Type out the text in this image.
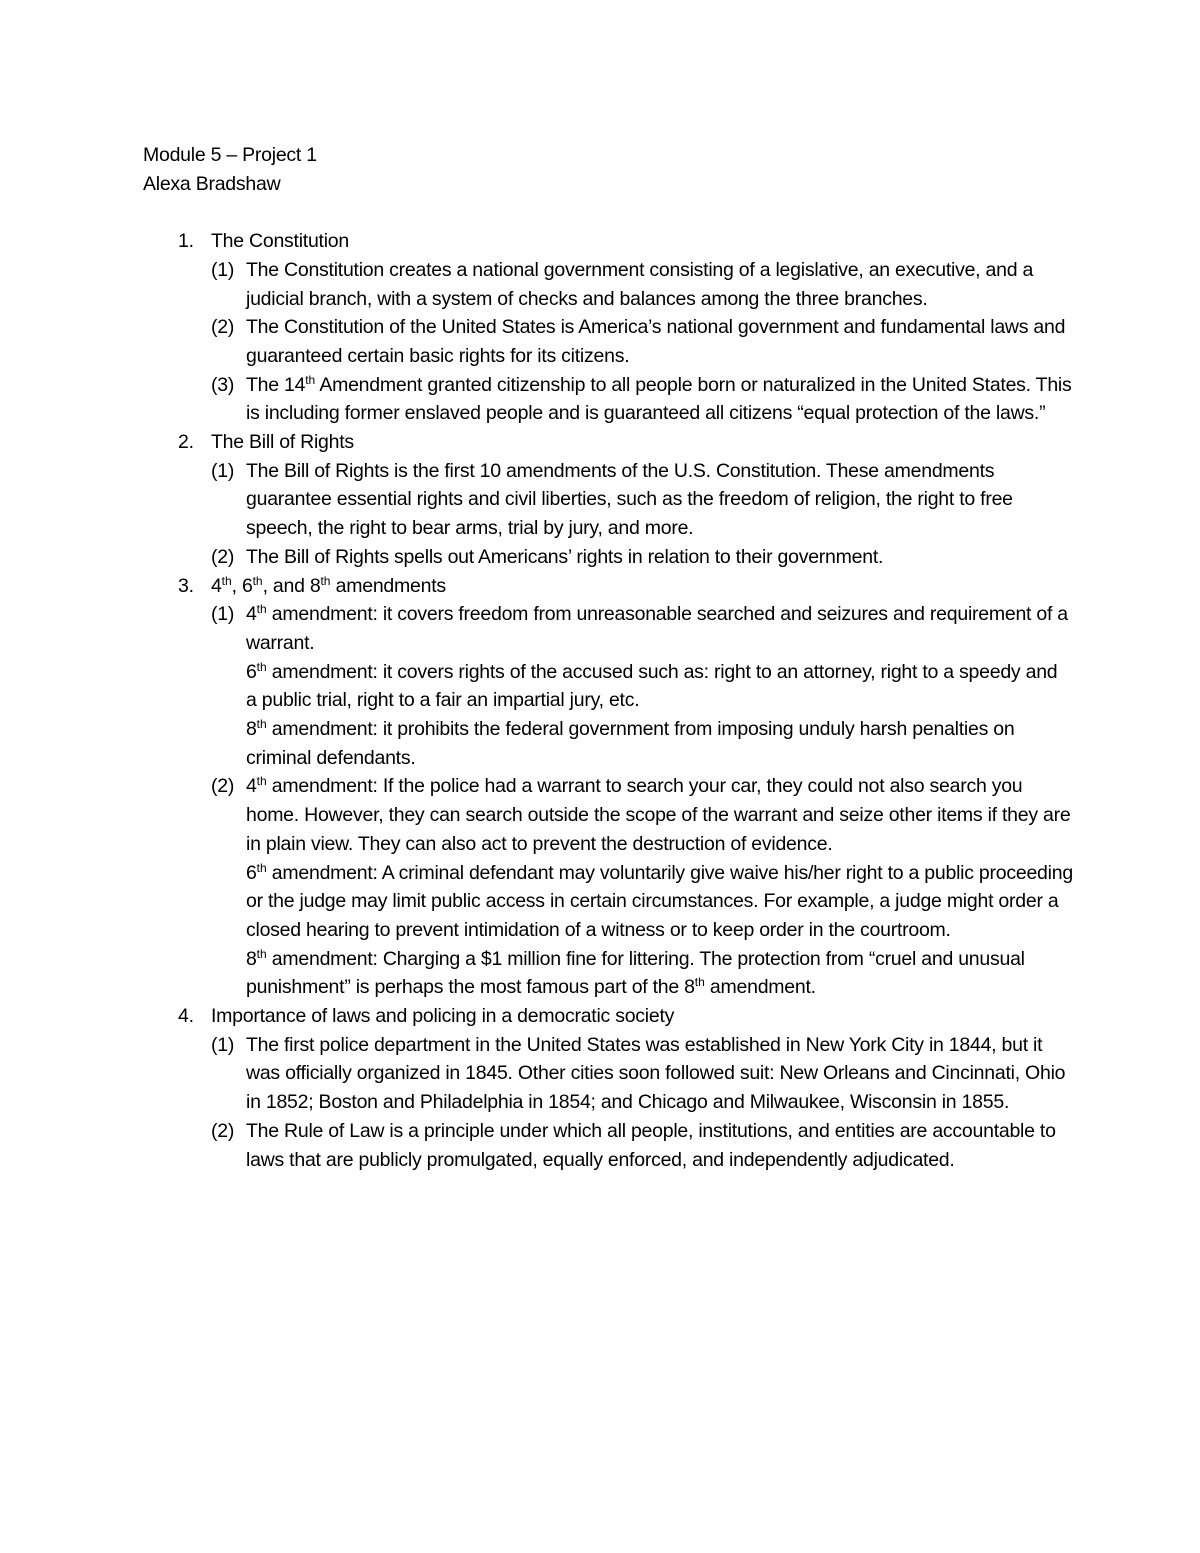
Module 5 – Project 1
Alexa Bradshaw
1. The Constitution
(1) The Constitution creates a national government consisting of a legislative, an executive, and a judicial branch, with a system of checks and balances among the three branches.
(2) The Constitution of the United States is America’s national government and fundamental laws and guaranteed certain basic rights for its citizens.
(3) The 14th Amendment granted citizenship to all people born or naturalized in the United States. This is including former enslaved people and is guaranteed all citizens “equal protection of the laws.”
2. The Bill of Rights
(1) The Bill of Rights is the first 10 amendments of the U.S. Constitution. These amendments guarantee essential rights and civil liberties, such as the freedom of religion, the right to free speech, the right to bear arms, trial by jury, and more.
(2) The Bill of Rights spells out Americans’ rights in relation to their government.
3. 4th, 6th, and 8th amendments
(1) 4th amendment: it covers freedom from unreasonable searched and seizures and requirement of a warrant.
6th amendment: it covers rights of the accused such as: right to an attorney, right to a speedy and a public trial, right to a fair an impartial jury, etc.
8th amendment: it prohibits the federal government from imposing unduly harsh penalties on criminal defendants.
(2) 4th amendment: If the police had a warrant to search your car, they could not also search you home. However, they can search outside the scope of the warrant and seize other items if they are in plain view. They can also act to prevent the destruction of evidence.
6th amendment: A criminal defendant may voluntarily give waive his/her right to a public proceeding or the judge may limit public access in certain circumstances. For example, a judge might order a closed hearing to prevent intimidation of a witness or to keep order in the courtroom.
8th amendment: Charging a $1 million fine for littering. The protection from “cruel and unusual punishment” is perhaps the most famous part of the 8th amendment.
4. Importance of laws and policing in a democratic society
(1) The first police department in the United States was established in New York City in 1844, but it was officially organized in 1845. Other cities soon followed suit: New Orleans and Cincinnati, Ohio in 1852; Boston and Philadelphia in 1854; and Chicago and Milwaukee, Wisconsin in 1855.
(2) The Rule of Law is a principle under which all people, institutions, and entities are accountable to laws that are publicly promulgated, equally enforced, and independently adjudicated.
